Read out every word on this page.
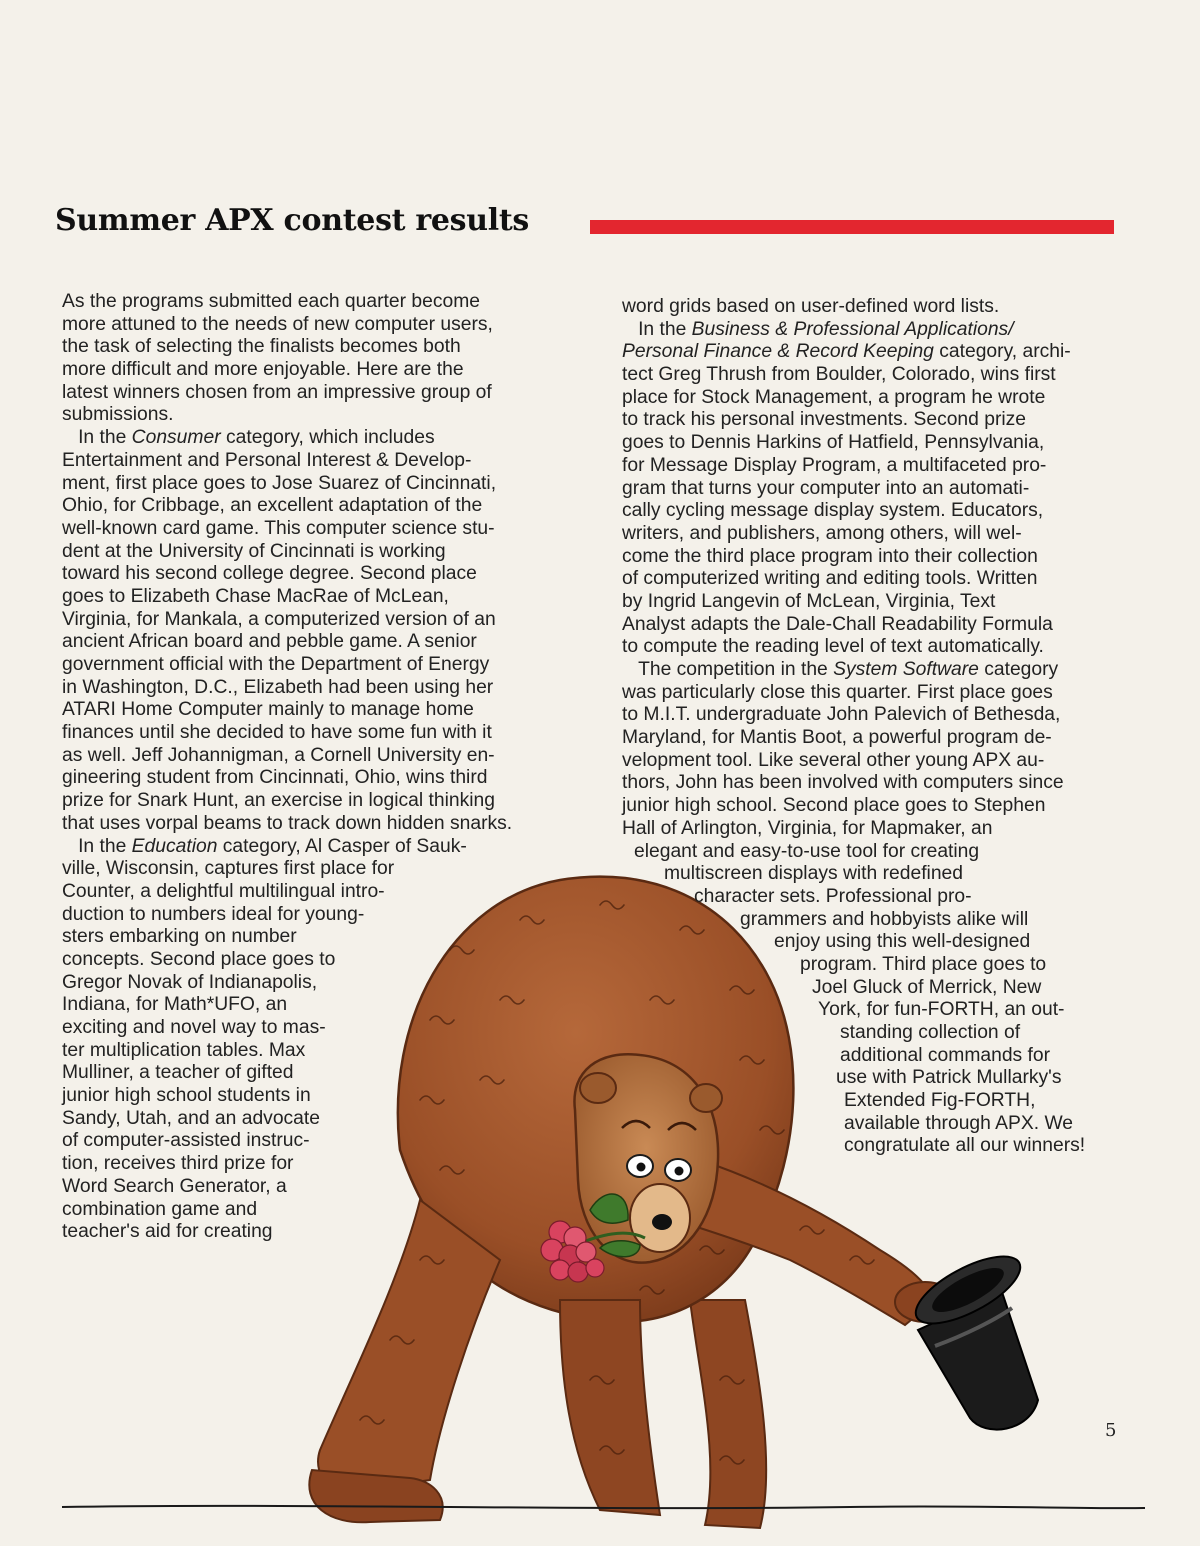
Summer APX contest results
As the programs submitted each quarter become
more attuned to the needs of new computer users,
the task of selecting the finalists becomes both
more difficult and more enjoyable. Here are the
latest winners chosen from an impressive group of
submissions.
In the Consumer category, which includes
Entertainment and Personal Interest & Develop-
ment, first place goes to Jose Suarez of Cincinnati,
Ohio, for Cribbage, an excellent adaptation of the
well-known card game. This computer science stu-
dent at the University of Cincinnati is working
toward his second college degree. Second place
goes to Elizabeth Chase MacRae of McLean,
Virginia, for Mankala, a computerized version of an
ancient African board and pebble game. A senior
government official with the Department of Energy
in Washington, D.C., Elizabeth had been using her
ATARI Home Computer mainly to manage home
finances until she decided to have some fun with it
as well. Jeff Johannigman, a Cornell University en-
gineering student from Cincinnati, Ohio, wins third
prize for Snark Hunt, an exercise in logical thinking
that uses vorpal beams to track down hidden snarks.
In the Education category, Al Casper of Sauk-
ville, Wisconsin, captures first place for
Counter, a delightful multilingual intro-
duction to numbers ideal for young-
sters embarking on number
concepts. Second place goes to
Gregor Novak of Indianapolis,
Indiana, for Math*UFO, an
exciting and novel way to mas-
ter multiplication tables. Max
Mulliner, a teacher of gifted
junior high school students in
Sandy, Utah, and an advocate
of computer-assisted instruc-
tion, receives third prize for
Word Search Generator, a
combination game and
teacher's aid for creating
word grids based on user-defined word lists.
In the Business & Professional Applications/
Personal Finance & Record Keeping category, archi-
tect Greg Thrush from Boulder, Colorado, wins first
place for Stock Management, a program he wrote
to track his personal investments. Second prize
goes to Dennis Harkins of Hatfield, Pennsylvania,
for Message Display Program, a multifaceted pro-
gram that turns your computer into an automati-
cally cycling message display system. Educators,
writers, and publishers, among others, will wel-
come the third place program into their collection
of computerized writing and editing tools. Written
by Ingrid Langevin of McLean, Virginia, Text
Analyst adapts the Dale-Chall Readability Formula
to compute the reading level of text automatically.
The competition in the System Software category
was particularly close this quarter. First place goes
to M.I.T. undergraduate John Palevich of Bethesda,
Maryland, for Mantis Boot, a powerful program de-
velopment tool. Like several other young APX au-
thors, John has been involved with computers since
junior high school. Second place goes to Stephen
Hall of Arlington, Virginia, for Mapmaker, an
elegant and easy-to-use tool for creating
multiscreen displays with redefined
character sets. Professional pro-
grammers and hobbyists alike will
enjoy using this well-designed
program. Third place goes to
Joel Gluck of Merrick, New
York, for fun-FORTH, an out-
standing collection of
additional commands for
use with Patrick Mullarky's
Extended Fig-FORTH,
available through APX. We
congratulate all our winners!
5
